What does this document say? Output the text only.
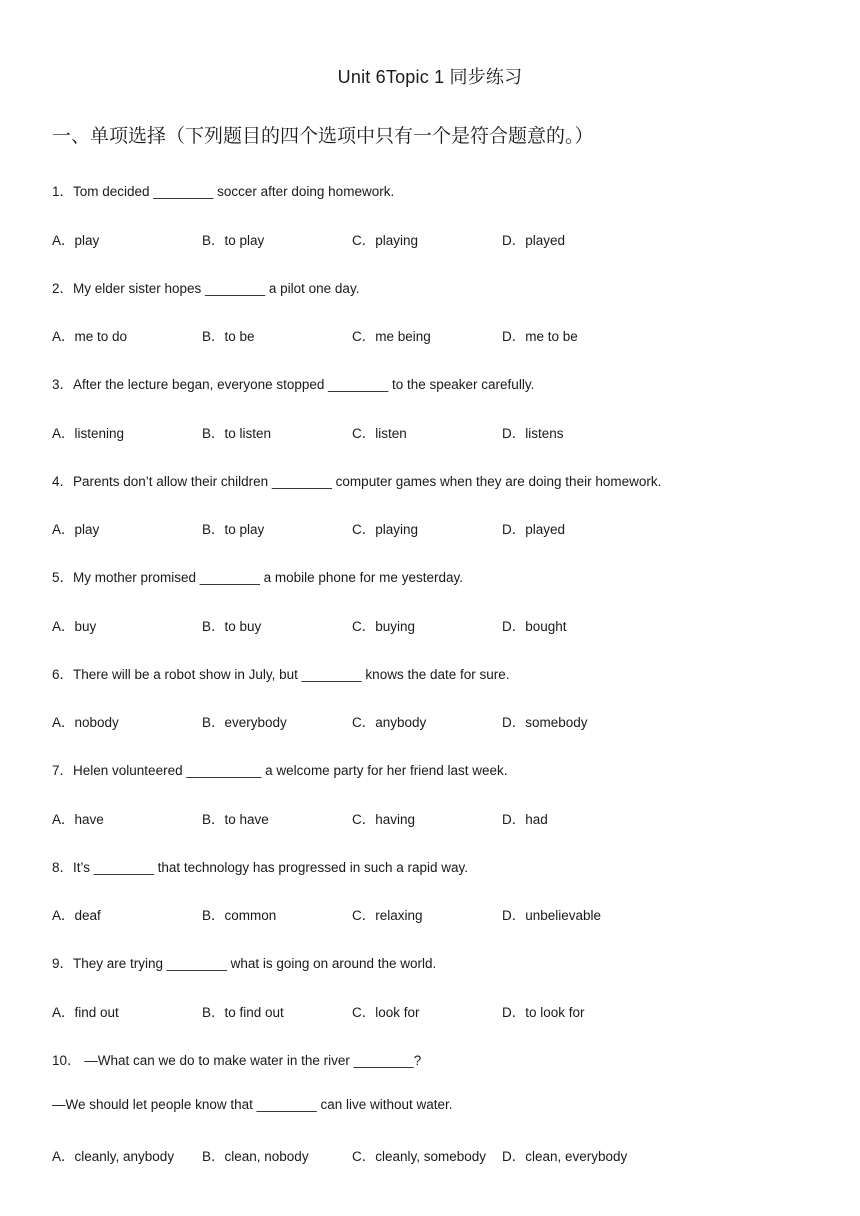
Unit 6Topic 1 同步练习
一、单项选择（下列题目的四个选项中只有一个是符合题意的。）
1．Tom decided ________ soccer after doing homework.
A．play	B．to play	C．playing	D．played
2．My elder sister hopes ________ a pilot one day.
A．me to do	B．to be	C．me being	D．me to be
3．After the lecture began, everyone stopped ________ to the speaker carefully.
A．listening	B．to listen	C．listen	D．listens
4．Parents don’t allow their children ________ computer games when they are doing their homework.
A．play	B．to play	C．playing	D．played
5．My mother promised ________ a mobile phone for me yesterday.
A．buy	B．to buy	C．buying	D．bought
6．There will be a robot show in July, but ________ knows the date for sure.
A．nobody	B．everybody	C．anybody	D．somebody
7．Helen volunteered __________ a welcome party for her friend last week.
A．have	B．to have	C．having	D．had
8．It’s ________ that technology has progressed in such a rapid way.
A．deaf	B．common	C．relaxing	D．unbelievable
9．They are trying ________ what is going on around the world.
A．find out	B．to find out	C．look for	D．to look for
10． —What can we do to make water in the river ________?
—We should let people know that ________ can live without water.
A．cleanly, anybody B．clean, nobody	C．cleanly, somebody D．clean, everybody
